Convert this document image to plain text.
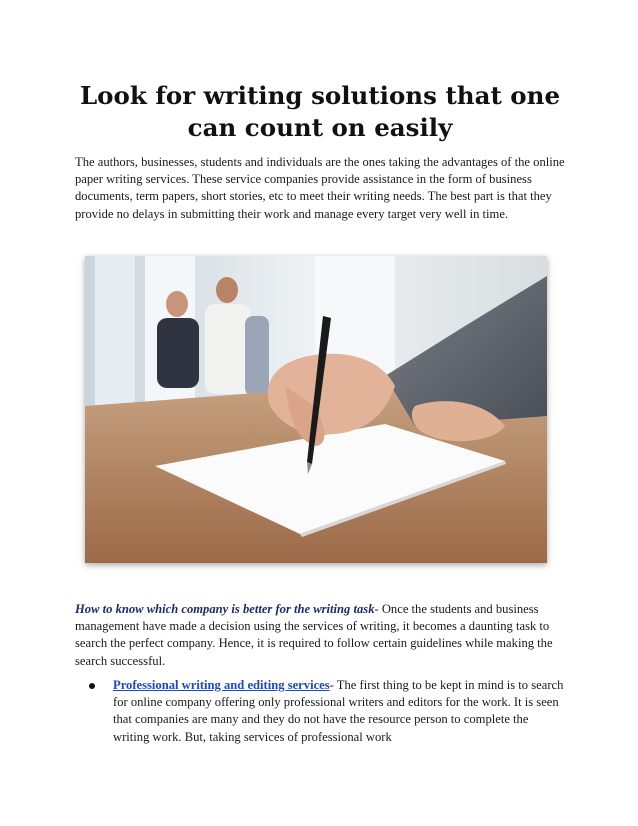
Look for writing solutions that one can count on easily

The authors, businesses, students and individuals are the ones taking the advantages of the online paper writing services. These service companies provide assistance in the form of business documents, term papers, short stories, etc to meet their writing needs. The best part is that they provide no delays in submitting their work and manage every target very well in time.

How to know which company is better for the writing task- Once the students and business management have made a decision using the services of writing, it becomes a daunting task to search the perfect company. Hence, it is required to follow certain guidelines while making the search successful.

Professional writing and editing services- The first thing to be kept in mind is to search for online company offering only professional writers and editors for the work. It is seen that companies are many and they do not have the resource person to complete the writing work. But, taking services of professional work
